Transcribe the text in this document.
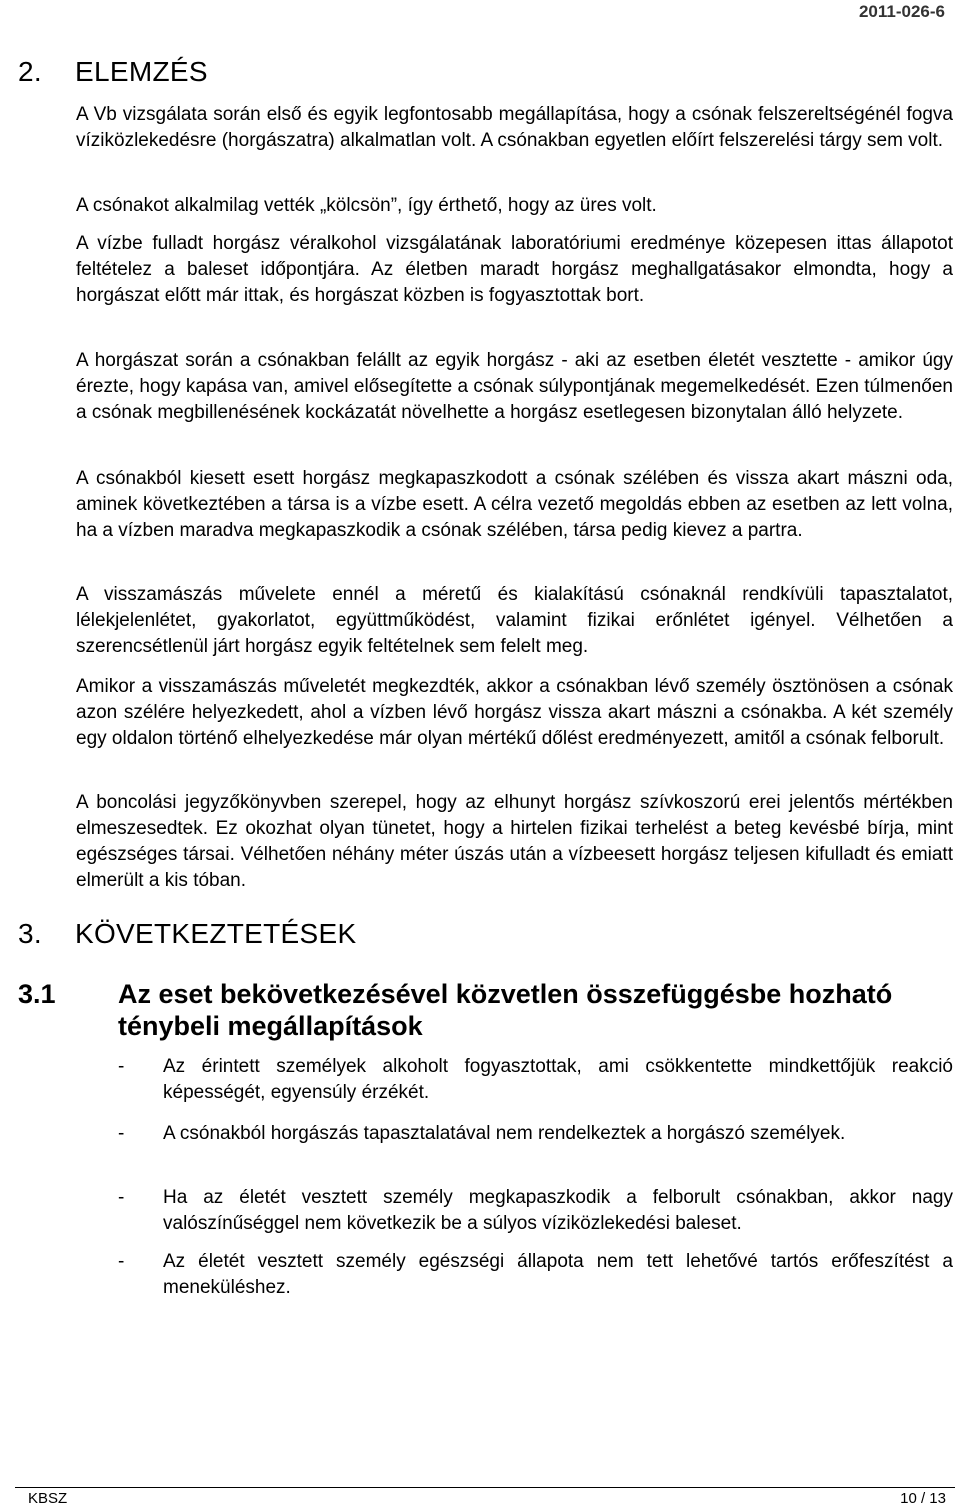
2011-026-6
2. ELEMZÉS

A Vb vizsgálata során első és egyik legfontosabb megállapítása, hogy a csónak felszereltségénél fogva víziközlekedésre (horgászatra) alkalmatlan volt. A csónakban egyetlen előírt felszerelési tárgy sem volt.

A csónakot alkalmilag vették „kölcsön”, így érthető, hogy az üres volt.

A vízbe fulladt horgász véralkohol vizsgálatának laboratóriumi eredménye közepesen ittas állapotot feltételez a baleset időpontjára. Az életben maradt horgász meghallgatásakor elmondta, hogy a horgászat előtt már ittak, és horgászat közben is fogyasztottak bort.

A horgászat során a csónakban felállt az egyik horgász - aki az esetben életét vesztette - amikor úgy érezte, hogy kapása van, amivel elősegítette a csónak súlypontjának megemelkedését. Ezen túlmenően a csónak megbillenésének kockázatát növelhette a horgász esetlegesen bizonytalan álló helyzete.

A csónakból kiesett esett horgász megkapaszkodott a csónak szélében és vissza akart mászni oda, aminek következtében a társa is a vízbe esett. A célra vezető megoldás ebben az esetben az lett volna, ha a vízben maradva megkapaszkodik a csónak szélében, társa pedig kievez a partra.

A visszamászás művelete ennél a méretű és kialakítású csónaknál rendkívüli tapasztalatot, lélekjelenlétet, gyakorlatot, együttműködést, valamint fizikai erőnlétet igényel. Vélhetően a szerencsétlenül járt horgász egyik feltételnek sem felelt meg.

Amikor a visszamászás műveletét megkezdték, akkor a csónakban lévő személy ösztönösen a csónak azon szélére helyezkedett, ahol a vízben lévő horgász vissza akart mászni a csónakba. A két személy egy oldalon történő elhelyezkedése már olyan mértékű dőlést eredményezett, amitől a csónak felborult.

A boncolási jegyzőkönyvben szerepel, hogy az elhunyt horgász szívkoszorú erei jelentős mértékben elmeszesedtek. Ez okozhat olyan tünetet, hogy a hirtelen fizikai terhelést a beteg kevésbé bírja, mint egészséges társai. Vélhetően néhány méter úszás után a vízbeesett horgász teljesen kifulladt és emiatt elmerült a kis tóban.

3. KÖVETKEZTETÉSEK
3.1 Az eset bekövetkezésével közvetlen összefüggésbe hozható ténybeli megállapítások
- Az érintett személyek alkoholt fogyasztottak, ami csökkentette mindkettőjük reakció képességét, egyensúly érzékét.
- A csónakból horgászás tapasztalatával nem rendelkeztek a horgászó személyek.
- Ha az életét vesztett személy megkapaszkodik a felborult csónakban, akkor nagy valószínűséggel nem következik be a súlyos víziközlekedési baleset.
- Az életét vesztett személy egészségi állapota nem tett lehetővé tartós erőfeszítést a meneküléshez.
KBSZ	10 / 13
